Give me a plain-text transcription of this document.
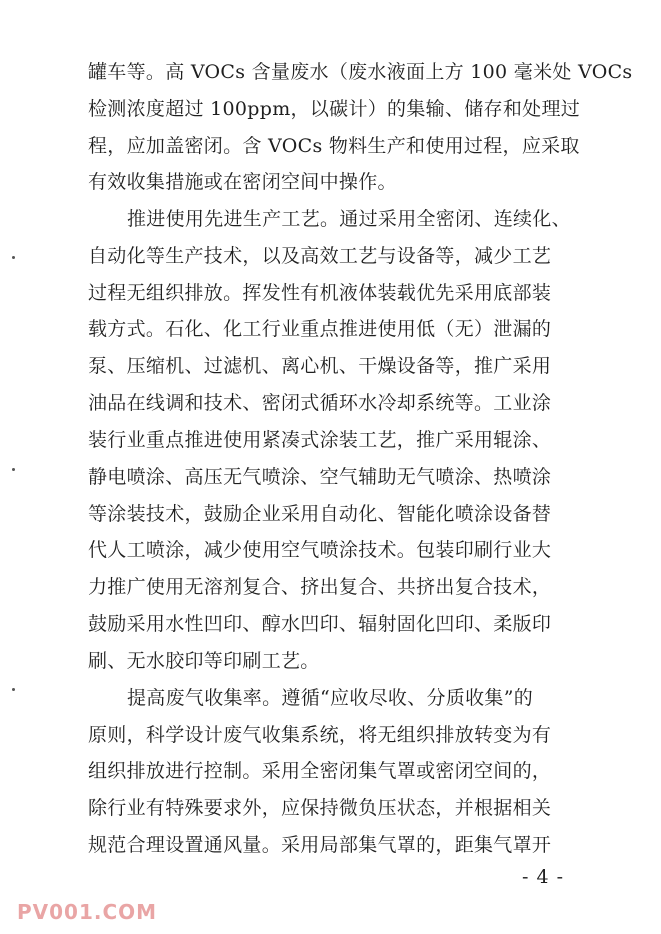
罐车等。高 VOCs 含量废水（废水液面上方 100 毫米处 VOCs
检测浓度超过 100ppm，以碳计）的集输、储存和处理过
程，应加盖密闭。含 VOCs 物料生产和使用过程，应采取
有效收集措施或在密闭空间中操作。
推进使用先进生产工艺。通过采用全密闭、连续化、
自动化等生产技术，以及高效工艺与设备等，减少工艺
过程无组织排放。挥发性有机液体装载优先采用底部装
载方式。石化、化工行业重点推进使用低（无）泄漏的
泵、压缩机、过滤机、离心机、干燥设备等，推广采用
油品在线调和技术、密闭式循环水冷却系统等。工业涂
装行业重点推进使用紧凑式涂装工艺，推广采用辊涂、
静电喷涂、高压无气喷涂、空气辅助无气喷涂、热喷涂
等涂装技术，鼓励企业采用自动化、智能化喷涂设备替
代人工喷涂，减少使用空气喷涂技术。包装印刷行业大
力推广使用无溶剂复合、挤出复合、共挤出复合技术，
鼓励采用水性凹印、醇水凹印、辐射固化凹印、柔版印
刷、无水胶印等印刷工艺。
提高废气收集率。遵循“应收尽收、分质收集”的
原则，科学设计废气收集系统，将无组织排放转变为有
组织排放进行控制。采用全密闭集气罩或密闭空间的，
除行业有特殊要求外，应保持微负压状态，并根据相关
规范合理设置通风量。采用局部集气罩的，距集气罩开
- 4 -
PV001.COM
